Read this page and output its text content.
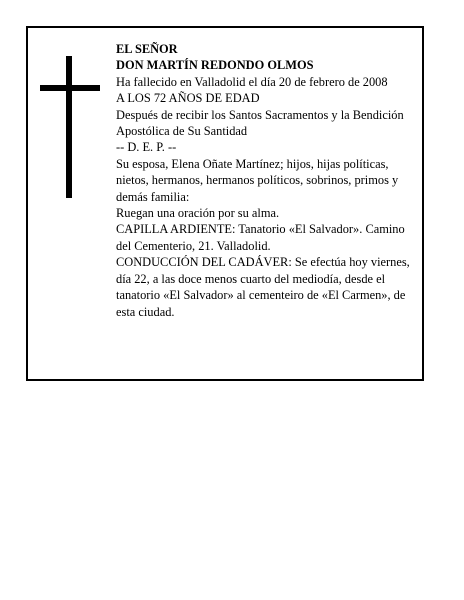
EL SEÑOR

DON MARTÍN REDONDO OLMOS

Ha fallecido en Valladolid el día 20 de febrero de 2008

A LOS 72 AÑOS DE EDAD

Después de recibir los Santos Sacramentos y la Bendición Apostólica de Su Santidad

-- D. E. P. --

Su esposa, Elena Oñate Martínez; hijos, hijas políticas, nietos, hermanos, hermanos políticos, sobrinos, primos y demás familia:

Ruegan una oración por su alma.

CAPILLA ARDIENTE: Tanatorio «El Salvador». Camino del Cementerio, 21. Valladolid.

CONDUCCIÓN DEL CADÁVER: Se efectúa hoy viernes, día 22, a las doce menos cuarto del mediodía, desde el tanatorio «El Salvador» al cementeiro de «El Carmen», de esta ciudad.
